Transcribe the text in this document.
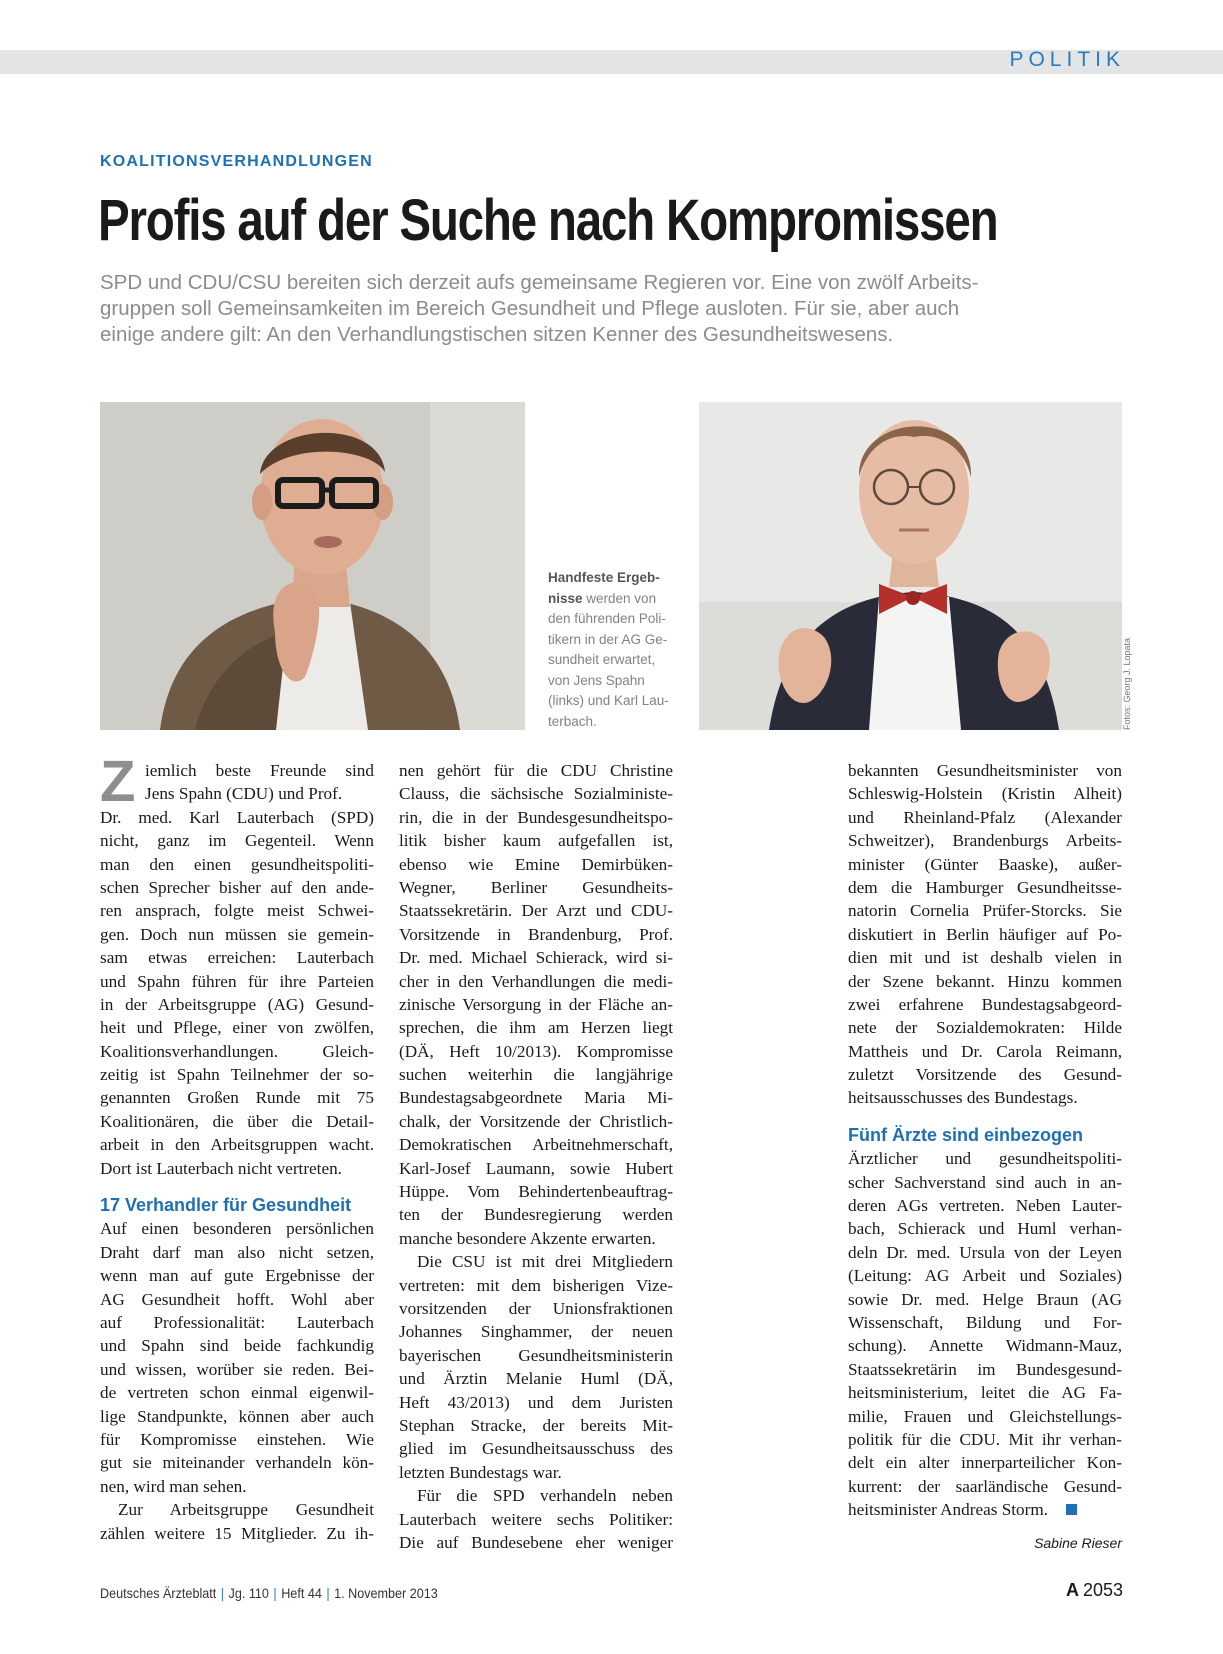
POLITIK
KOALITIONSVERHANDLUNGEN
Profis auf der Suche nach Kompromissen
SPD und CDU/CSU bereiten sich derzeit aufs gemeinsame Regieren vor. Eine von zwölf Arbeits-
gruppen soll Gemeinsamkeiten im Bereich Gesundheit und Pflege ausloten. Für sie, aber auch
einige andere gilt: An den Verhandlungstischen sitzen Kenner des Gesundheitswesens.
Handfeste Ergeb-
nisse werden von
den führenden Poli-
tikern in der AG Ge-
sundheit erwartet,
von Jens Spahn
(links) und Karl Lau-
terbach.	Fotos: Georg J. Lopata
Z iemlich beste Freunde sind
Jens Spahn (CDU) und Prof.
Dr. med. Karl Lauterbach (SPD)
nicht, ganz im Gegenteil. Wenn
man den einen gesundheitspoliti-
schen Sprecher bisher auf den ande-
ren ansprach, folgte meist Schwei-
gen. Doch nun müssen sie gemein-
sam etwas erreichen: Lauterbach
und Spahn führen für ihre Parteien
in der Arbeitsgruppe (AG) Gesund-
heit und Pflege, einer von zwölfen,
Koalitionsverhandlungen. Gleich-
zeitig ist Spahn Teilnehmer der so-
genannten Großen Runde mit 75
Koalitionären, die über die Detail-
arbeit in den Arbeitsgruppen wacht.
Dort ist Lauterbach nicht vertreten.
17 Verhandler für Gesundheit
Auf einen besonderen persönlichen
Draht darf man also nicht setzen,
wenn man auf gute Ergebnisse der
AG Gesundheit hofft. Wohl aber
auf Professionalität: Lauterbach
und Spahn sind beide fachkundig
und wissen, worüber sie reden. Bei-
de vertreten schon einmal eigenwil-
lige Standpunkte, können aber auch
für Kompromisse einstehen. Wie
gut sie miteinander verhandeln kön-
nen, wird man sehen.
Zur Arbeitsgruppe Gesundheit
zählen weitere 15 Mitglieder. Zu ih-
nen gehört für die CDU Christine
Clauss, die sächsische Sozialministe-
rin, die in der Bundesgesundheitspo-
litik bisher kaum aufgefallen ist,
ebenso wie Emine Demirbüken-
Wegner, Berliner Gesundheits-
Staatssekretärin. Der Arzt und CDU-
Vorsitzende in Brandenburg, Prof.
Dr. med. Michael Schierack, wird si-
cher in den Verhandlungen die medi-
zinische Versorgung in der Fläche an-
sprechen, die ihm am Herzen liegt
(DÄ, Heft 10/2013). Kompromisse
suchen weiterhin die langjährige
Bundestagsabgeordnete Maria Mi-
chalk, der Vorsitzende der Christlich-
Demokratischen Arbeitnehmerschaft,
Karl-Josef Laumann, sowie Hubert
Hüppe. Vom Behindertenbeauftrag-
ten der Bundesregierung werden
manche besondere Akzente erwarten.
Die CSU ist mit drei Mitgliedern
vertreten: mit dem bisherigen Vize-
vorsitzenden der Unionsfraktionen
Johannes Singhammer, der neuen
bayerischen Gesundheitsministerin
und Ärztin Melanie Huml (DÄ,
Heft 43/2013) und dem Juristen
Stephan Stracke, der bereits Mit-
glied im Gesundheitsausschuss des
letzten Bundestags war.
Für die SPD verhandeln neben
Lauterbach weitere sechs Politiker:
Die auf Bundesebene eher weniger
bekannten Gesundheitsminister von
Schleswig-Holstein (Kristin Alheit)
und Rheinland-Pfalz (Alexander
Schweitzer), Brandenburgs Arbeits-
minister (Günter Baaske), außer-
dem die Hamburger Gesundheitsse-
natorin Cornelia Prüfer-Storcks. Sie
diskutiert in Berlin häufiger auf Po-
dien mit und ist deshalb vielen in
der Szene bekannt. Hinzu kommen
zwei erfahrene Bundestagsabgeord-
nete der Sozialdemokraten: Hilde
Mattheis und Dr. Carola Reimann,
zuletzt Vorsitzende des Gesund-
heitsausschusses des Bundestags.
Fünf Ärzte sind einbezogen
Ärztlicher und gesundheitspoliti-
scher Sachverstand sind auch in an-
deren AGs vertreten. Neben Lauter-
bach, Schierack und Huml verhan-
deln Dr. med. Ursula von der Leyen
(Leitung: AG Arbeit und Soziales)
sowie Dr. med. Helge Braun (AG
Wissenschaft, Bildung und For-
schung). Annette Widmann-Mauz,
Staatssekretärin im Bundesgesund-
heitsministerium, leitet die AG Fa-
milie, Frauen und Gleichstellungs-
politik für die CDU. Mit ihr verhan-
delt ein alter innerparteilicher Kon-
kurrent: der saarländische Gesund-
heitsminister Andreas Storm.
Sabine Rieser
Deutsches Ärzteblatt | Jg. 110 | Heft 44 | 1. November 2013	A 2053
